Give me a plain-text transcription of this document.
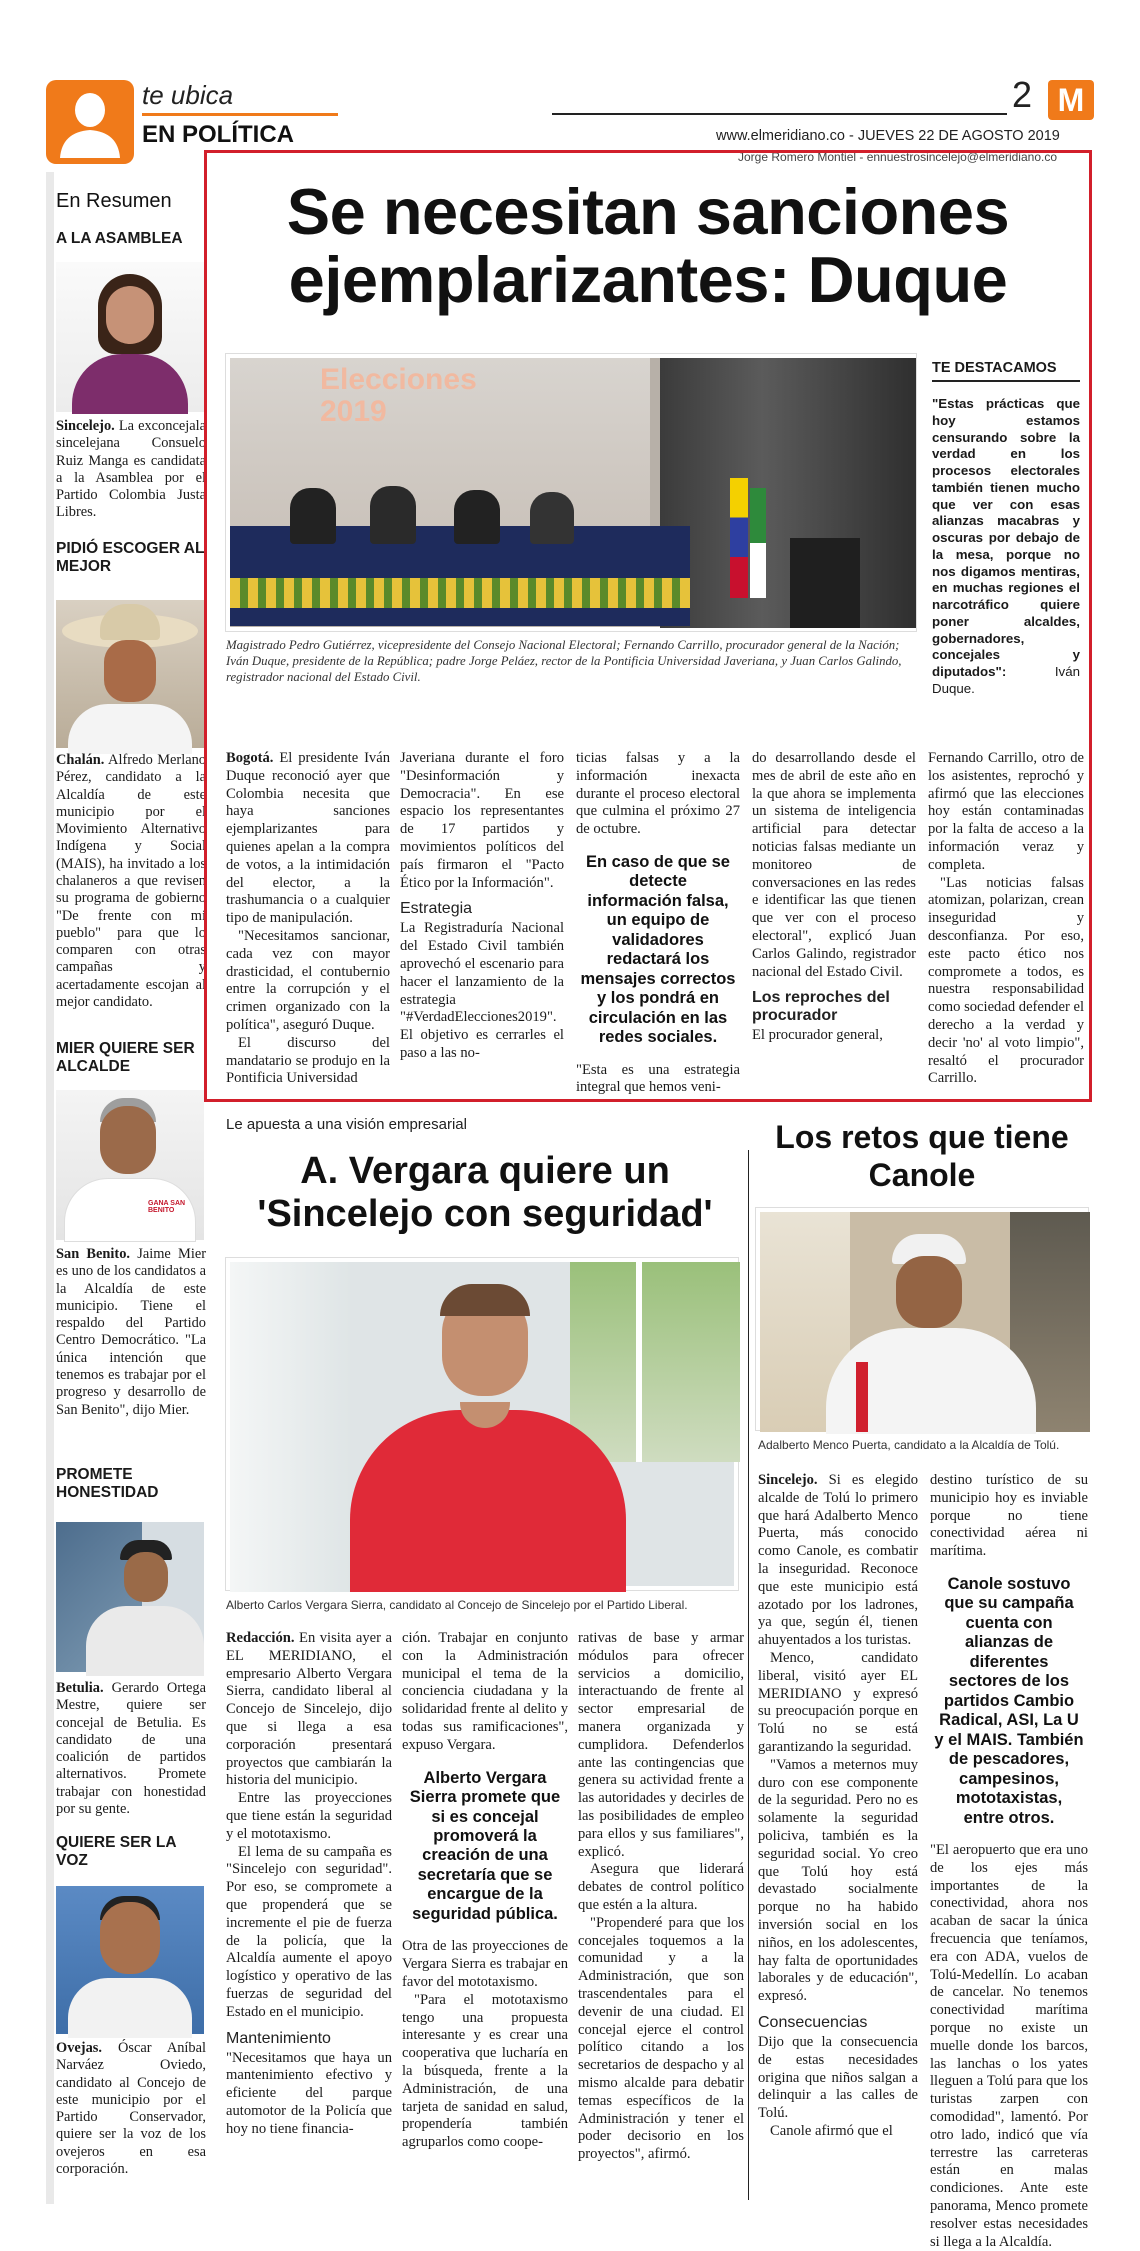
te ubica
EN POLÍTICA
2 M
www.elmeridiano.co - JUEVES 22 DE AGOSTO 2019
Jorge Romero Montiel - ennuestrosincelejo@elmeridiano.co
En Resumen
A LA ASAMBLEA

Sincelejo. La exconcejala sincelejana Consuelo Ruiz Manga es candidata a la Asamblea por el Partido Colombia Justa Libres.

PIDIÓ ESCOGER AL MEJOR

Chalán. Alfredo Merlano Pérez, candidato a la Alcaldía de este municipio por el Movimiento Alternativo Indígena y Social (MAIS), ha invitado a los chalaneros a que revisen su programa de gobierno "De frente con mi pueblo" para que lo comparen con otras campañas y acertadamente escojan al mejor candidato.

MIER QUIERE SER ALCALDE
GANA SAN BENITO

San Benito. Jaime Mier es uno de los candidatos a la Alcaldía de este municipio. Tiene el respaldo del Partido Centro Democrático. "La única intención que tenemos es trabajar por el progreso y desarrollo de San Benito", dijo Mier.

PROMETE HONESTIDAD

Betulia. Gerardo Ortega Mestre, quiere ser concejal de Betulia. Es candidato de una coalición de partidos alternativos. Promete trabajar con honestidad por su gente.

QUIERE SER LA VOZ

Ovejas. Óscar Aníbal Narváez Oviedo, candidato al Concejo de este municipio por el Partido Conservador, quiere ser la voz de los ovejeros en esa corporación.

Se necesitan sanciones ejemplarizantes: Duque
Elecciones 2019
Magistrado Pedro Gutiérrez, vicepresidente del Consejo Nacional Electoral; Fernando Carrillo, procurador general de la Nación; Iván Duque, presidente de la República; padre Jorge Peláez, rector de la Pontificia Universidad Javeriana, y Juan Carlos Galindo, registrador nacional del Estado Civil.
TE DESTACAMOS
"Estas prácticas que hoy estamos censurando sobre la verdad en los procesos electorales también tienen mucho que ver con esas alianzas macabras y oscuras por debajo de la mesa, porque no nos digamos mentiras, en muchas regiones el narcotráfico quiere poner alcaldes, gobernadores, concejales y diputados":	Iván Duque.

Bogotá. El presidente Iván Duque reconoció ayer que Colombia necesita que haya sanciones ejemplarizantes para quienes apelan a la compra de votos, a la intimidación del elector, a la trashumancia o a cualquier tipo de manipulación.

"Necesitamos sancionar, cada vez con mayor drasticidad, el contubernio entre la corrupción y el crimen organizado con la política", aseguró Duque.

El discurso del mandatario se produjo en la Pontificia Universidad

Javeriana durante el foro "Desinformación y Democracia". En ese espacio los representantes de 17 partidos y movimientos políticos del país firmaron el "Pacto Ético por la Información".

Estrategia

La Registraduría Nacional del Estado Civil también aprovechó el escenario para hacer el lanzamiento de la estrategia "#VerdadElecciones2019". El objetivo es cerrarles el paso a las no-

ticias falsas y a la información inexacta durante el proceso electoral que culmina el próximo 27 de octubre.

En caso de que se detecte información falsa, un equipo de validadores redactará los mensajes correctos y los pondrá en circulación en las redes sociales.

"Esta es una estrategia integral que hemos veni-

do desarrollando desde el mes de abril de este año en la que ahora se implementa un sistema de inteligencia artificial para detectar noticias falsas mediante un monitoreo de conversaciones en las redes e identificar las que tienen que ver con el proceso electoral", explicó Juan Carlos Galindo, registrador nacional del Estado Civil.

Los reproches del procurador

El procurador general,

Fernando Carrillo, otro de los asistentes, reprochó y afirmó que las elecciones hoy están contaminadas por la falta de acceso a la información veraz y completa.

"Las noticias falsas atomizan, polarizan, crean inseguridad y desconfianza. Por eso, este pacto ético nos compromete a todos, es nuestra responsabilidad como sociedad defender el derecho a la verdad y decir 'no' al voto limpio", resaltó el procurador Carrillo.

Le apuesta a una visión empresarial
A. Vergara quiere un 'Sincelejo con seguridad'
Alberto Carlos Vergara Sierra, candidato al Concejo de Sincelejo por el Partido Liberal.

Redacción. En visita ayer a EL MERIDIANO, el empresario Alberto Vergara Sierra, candidato liberal al Concejo de Sincelejo, dijo que si llega a esa corporación presentará proyectos que cambiarán la historia del municipio.

Entre las proyecciones que tiene están la seguridad y el mototaxismo.

El lema de su campaña es "Sincelejo con seguridad". Por eso, se compromete a que propenderá que se incremente el pie de fuerza de la policía, que la Alcaldía aumente el apoyo logístico y operativo de las fuerzas de seguridad del Estado en el municipio.

Mantenimiento

"Necesitamos que haya un mantenimiento efectivo y eficiente del parque automotor de la Policía que hoy no tiene financia-

ción. Trabajar en conjunto con la Administración municipal el tema de la conciencia ciudadana y la solidaridad frente al delito y todas sus ramificaciones", expuso Vergara.

Alberto Vergara Sierra promete que si es concejal promoverá la creación de una secretaría que se encargue de la seguridad pública.

Otra de las proyecciones de Vergara Sierra es trabajar en favor del mototaxismo.

"Para el mototaxismo tengo una propuesta interesante y es crear una cooperativa que lucharía en la búsqueda, frente a la Administración, de una tarjeta de sanidad en salud, propendería también agruparlos como coope-

rativas de base y armar módulos para ofrecer servicios a domicilio, interactuando de frente al sector empresarial de manera organizada y cumplidora. Defenderlos ante las contingencias que genera su actividad frente a las autoridades y decirles de las posibilidades de empleo para ellos y sus familiares", explicó.

Asegura que liderará debates de control político que estén a la altura.

"Propenderé para que los concejales toquemos a la comunidad y a la Administración, que son trascendentales para el devenir de una ciudad. El concejal ejerce el control político citando a los secretarios de despacho y al mismo alcalde para debatir temas específicos de la Administración y tener el poder decisorio en los proyectos", afirmó.

Los retos que tiene Canole
Adalberto Menco Puerta, candidato a la Alcaldía de Tolú.

Sincelejo. Si es elegido alcalde de Tolú lo primero que hará Adalberto Menco Puerta, más conocido como Canole, es combatir la inseguridad. Reconoce que este municipio está azotado por los ladrones, ya que, según él, tienen ahuyentados a los turistas.

Menco, candidato liberal, visitó ayer EL MERIDIANO y expresó su preocupación porque en Tolú no se está garantizando la seguridad.

"Vamos a meternos muy duro con ese componente de la seguridad. Pero no es solamente la seguridad policiva, también es la seguridad social. Yo creo que Tolú hoy está devastado socialmente porque no ha habido inversión social en los niños, en los adolescentes, hay falta de oportunidades laborales y de educación", expresó.

Consecuencias

Dijo que la consecuencia de estas necesidades origina que niños salgan a delinquir a las calles de Tolú.

Canole afirmó que el

destino turístico de su municipio hoy es inviable porque no tiene conectividad aérea ni marítima.

Canole sostuvo que su campaña cuenta con alianzas de diferentes sectores de los partidos Cambio Radical, ASI, La U y el MAIS. También de pescadores, campesinos, mototaxistas, entre otros.

"El aeropuerto que era uno de los ejes más importantes de la conectividad, ahora nos acaban de sacar la única frecuencia que teníamos, era con ADA, vuelos de Tolú-Medellín. Lo acaban de cancelar. No tenemos conectividad marítima porque no existe un muelle donde los barcos, las lanchas o los yates lleguen a Tolú para que los turistas zarpen con comodidad", lamentó. Por otro lado, indicó que vía terrestre las carreteras están en malas condiciones. Ante este panorama, Menco promete resolver estas necesidades si llega a la Alcaldía.
